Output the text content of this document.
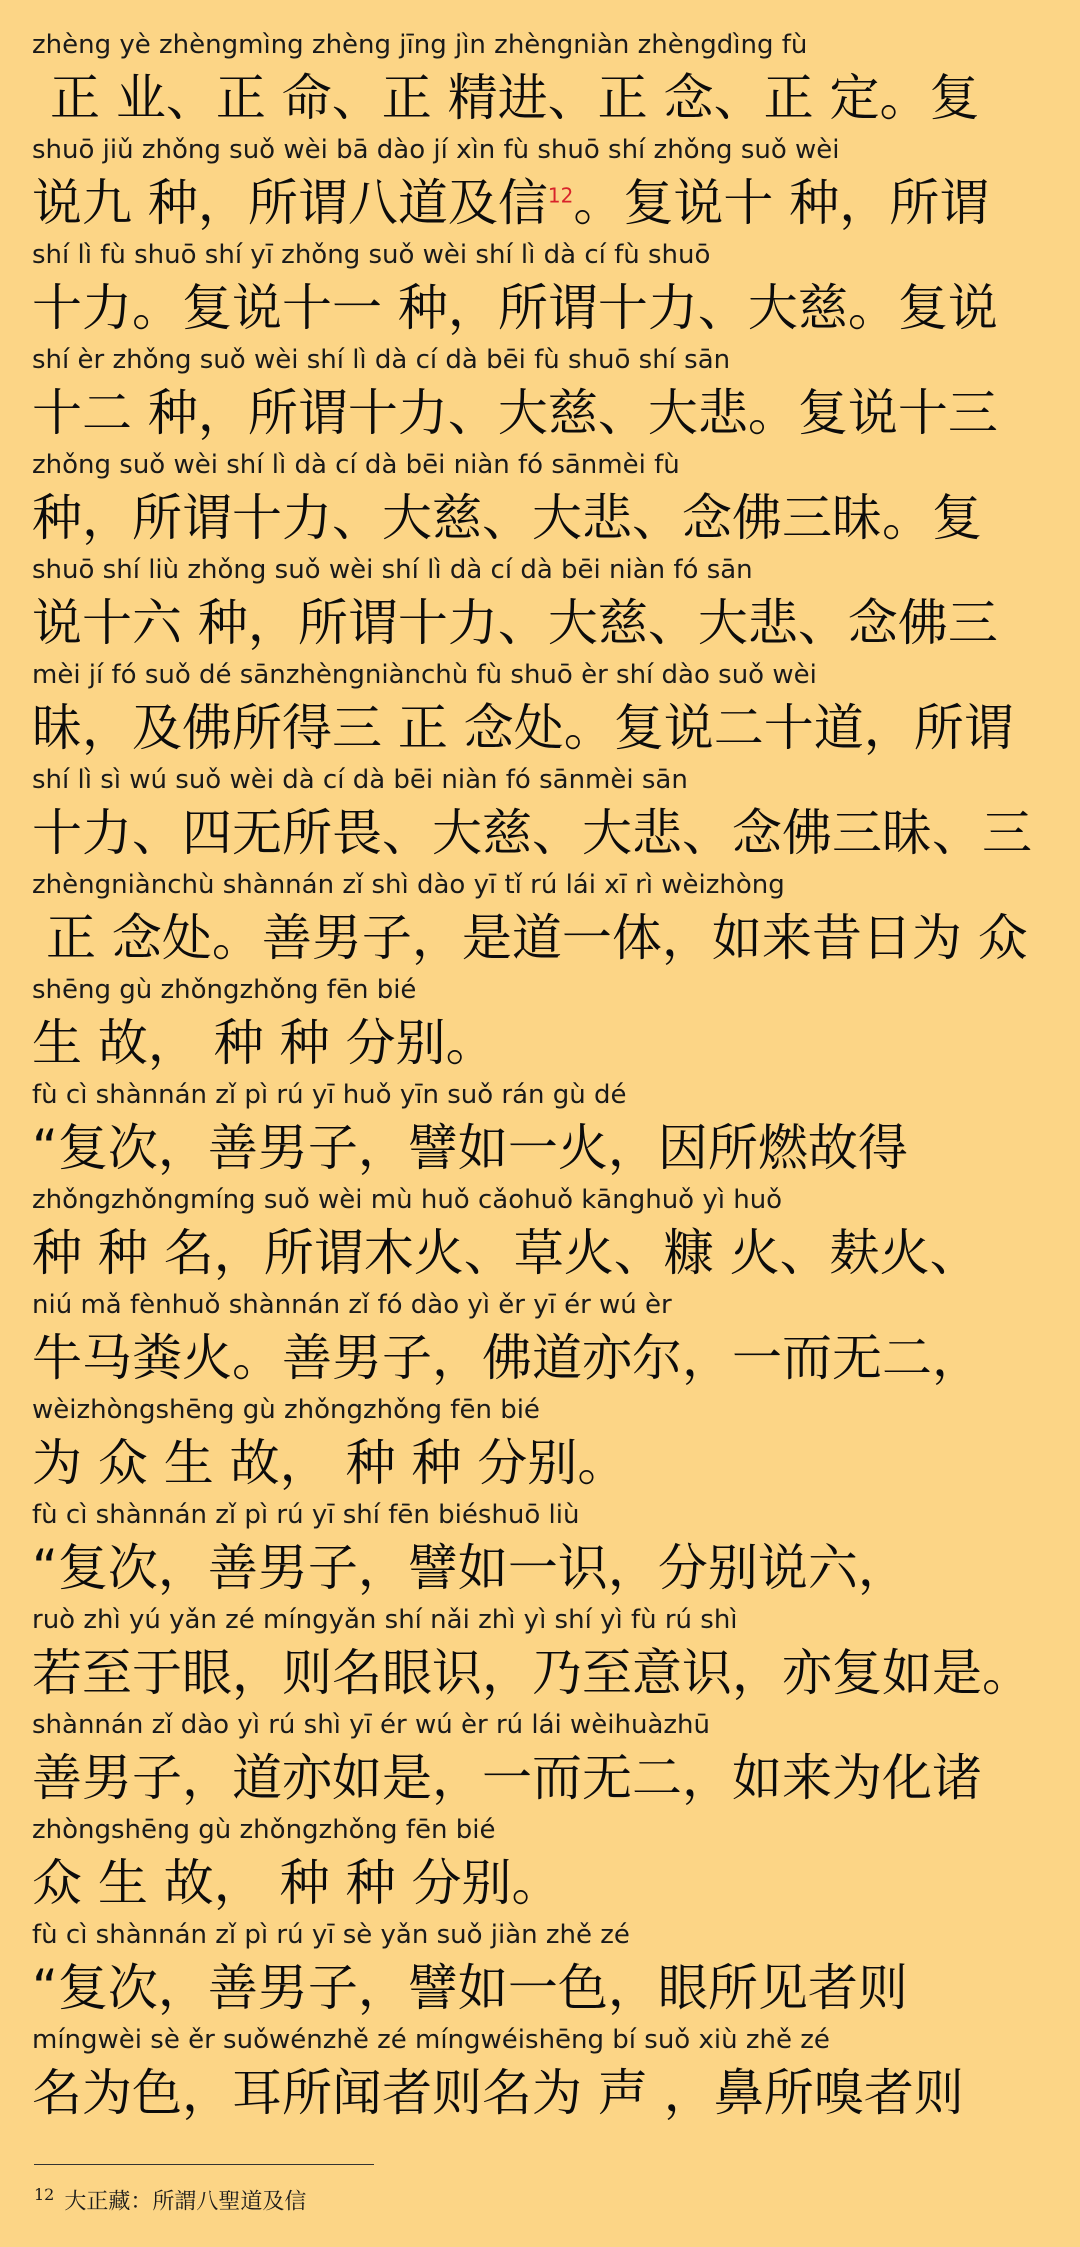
zhèng yè zhèngmìng zhèng jīng jìn zhèngniàn zhèngdìng fù
正 业、正 命、正 精进、正 念、正 定。复
shuō jiǔ zhǒng suǒ wèi bā dào jí xìn fù shuō shí zhǒng suǒ wèi
说九 种，所谓八道及信$^{12}$。复说十 种，所谓
shí lì fù shuō shí yī zhǒng suǒ wèi shí lì dà cí fù shuō
十力。复说十一 种，所谓十力、大慈。复说
shí èr zhǒng suǒ wèi shí lì dà cí dà bēi fù shuō shí sān
十二 种，所谓十力、大慈、大悲。复说十三
zhǒng suǒ wèi shí lì dà cí dà bēi niàn fó sānmèi fù
种，所谓十力、大慈、大悲、念佛三昧。复
shuō shí liù zhǒng suǒ wèi shí lì dà cí dà bēi niàn fó sān
说十六 种，所谓十力、大慈、大悲、念佛三
mèi jí fó suǒ dé sānzhèngniànchù fù shuō èr shí dào suǒ wèi
昧，及佛所得三 正 念处。复说二十道，所谓
shí lì sì wú suǒ wèi dà cí dà bēi niàn fó sānmèi sān
十力、四无所畏、大慈、大悲、念佛三昧、三
zhèngniànchù shànnán zǐ shì dào yī tǐ rú lái xī rì wèizhòng
正 念处。善男子，是道一体，如来昔日为 众
shēng gù zhǒngzhǒng fēn bié
生 故， 种 种 分别。
fù cì shànnán zǐ pì rú yī huǒ yīn suǒ rán gù dé
“复次，善男子，譬如一火，因所燃故得
zhǒngzhǒngmíng suǒ wèi mù huǒ cǎohuǒ kānghuǒ yì huǒ
种 种 名，所谓木火、草火、糠 火、麸火、
niú mǎ fènhuǒ shànnán zǐ fó dào yì ěr yī ér wú èr
牛马粪火。善男子，佛道亦尔，一而无二，
wèizhòngshēng gù zhǒngzhǒng fēn bié
为 众 生 故， 种 种 分别。
fù cì shànnán zǐ pì rú yī shí fēn biéshuō liù
“复次，善男子，譬如一识，分别说六，
ruò zhì yú yǎn zé míngyǎn shí nǎi zhì yì shí yì fù rú shì
若至于眼，则名眼识，乃至意识，亦复如是。
shànnán zǐ dào yì rú shì yī ér wú èr rú lái wèihuàzhū
善男子，道亦如是，一而无二，如来为化诸
zhòngshēng gù zhǒngzhǒng fēn bié
众 生 故， 种 种 分别。
fù cì shànnán zǐ pì rú yī sè yǎn suǒ jiàn zhě zé
“复次，善男子，譬如一色，眼所见者则
míngwèi sè ěr suǒwénzhě zé míngwéishēng bí suǒ xiù zhě zé
名为色，耳所闻者则名为 声 ，鼻所嗅者则
$^{12}$ 大正藏：所謂八聖道及信
